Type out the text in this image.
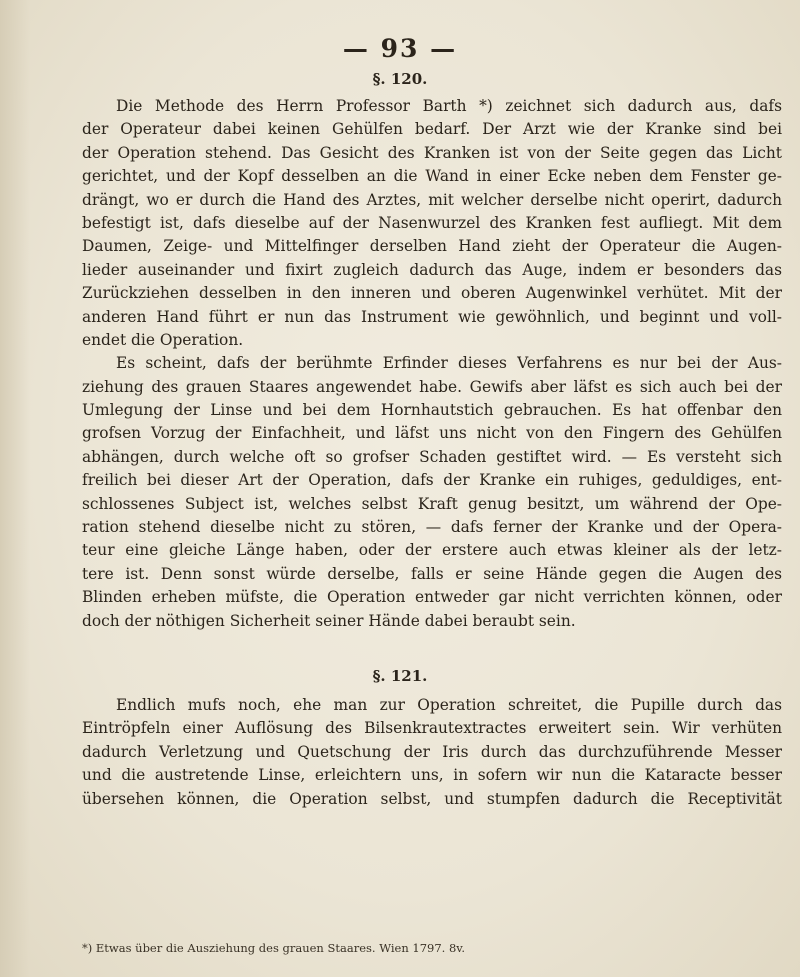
— 93 —
§. 120.
Die Methode des Herrn Professor Barth *) zeichnet sich dadurch aus, dafs
der Operateur dabei keinen Gehülfen bedarf. Der Arzt wie der Kranke sind bei
der Operation stehend. Das Gesicht des Kranken ist von der Seite gegen das Licht
gerichtet, und der Kopf desselben an die Wand in einer Ecke neben dem Fenster ge-
drängt, wo er durch die Hand des Arztes, mit welcher derselbe nicht operirt, dadurch
befestigt ist, dafs dieselbe auf der Nasenwurzel des Kranken fest aufliegt. Mit dem
Daumen, Zeige- und Mittelfinger derselben Hand zieht der Operateur die Augen-
lieder auseinander und fixirt zugleich dadurch das Auge, indem er besonders das
Zurückziehen desselben in den inneren und oberen Augenwinkel verhütet. Mit der
anderen Hand führt er nun das Instrument wie gewöhnlich, und beginnt und voll-
endet die Operation.
Es scheint, dafs der berühmte Erfinder dieses Verfahrens es nur bei der Aus-
ziehung des grauen Staares angewendet habe. Gewifs aber läfst es sich auch bei der
Umlegung der Linse und bei dem Hornhautstich gebrauchen. Es hat offenbar den
grofsen Vorzug der Einfachheit, und läfst uns nicht von den Fingern des Gehülfen
abhängen, durch welche oft so grofser Schaden gestiftet wird. — Es versteht sich
freilich bei dieser Art der Operation, dafs der Kranke ein ruhiges, geduldiges, ent-
schlossenes Subject ist, welches selbst Kraft genug besitzt, um während der Ope-
ration stehend dieselbe nicht zu stören, — dafs ferner der Kranke und der Opera-
teur eine gleiche Länge haben, oder der erstere auch etwas kleiner als der letz-
tere ist. Denn sonst würde derselbe, falls er seine Hände gegen die Augen des
Blinden erheben müfste, die Operation entweder gar nicht verrichten können, oder
doch der nöthigen Sicherheit seiner Hände dabei beraubt sein.
§. 121.
Endlich mufs noch, ehe man zur Operation schreitet, die Pupille durch das
Eintröpfeln einer Auflösung des Bilsenkrautextractes erweitert sein. Wir verhüten
dadurch Verletzung und Quetschung der Iris durch das durchzuführende Messer
und die austretende Linse, erleichtern uns, in sofern wir nun die Kataracte besser
übersehen können, die Operation selbst, und stumpfen dadurch die Receptivität
*) Etwas über die Ausziehung des grauen Staares. Wien 1797. 8v.
